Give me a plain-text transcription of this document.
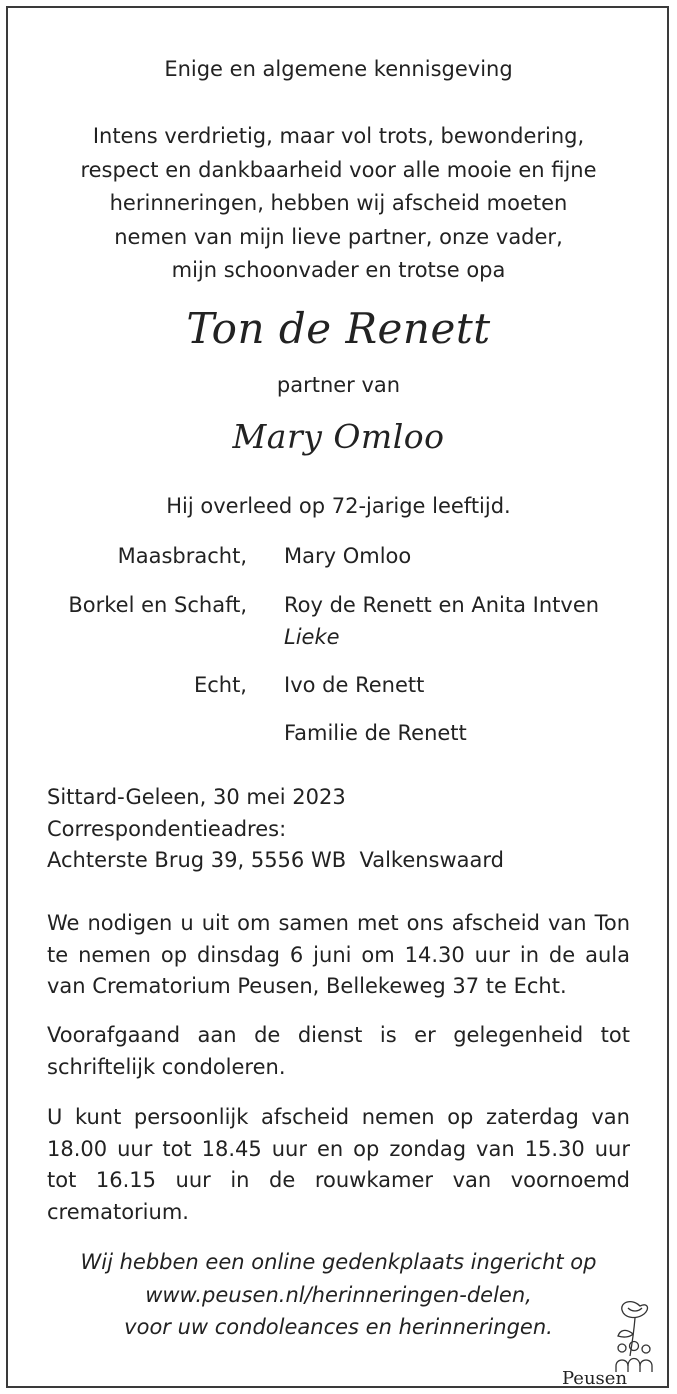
Enige en algemene kennisgeving
Intens verdrietig, maar vol trots, bewondering,
respect en dankbaarheid voor alle mooie en fijne
herinneringen, hebben wij afscheid moeten
nemen van mijn lieve partner, onze vader,
mijn schoonvader en trotse opa
Ton de Renett
partner van
Mary Omloo
Hij overleed op 72-jarige leeftijd.
Maasbracht, Mary Omloo
Borkel en Schaft, Roy de Renett en Anita Intven
Lieke
Echt, Ivo de Renett
Familie de Renett
Sittard-Geleen, 30 mei 2023
Correspondentieadres:
Achterste Brug 39, 5556 WB  Valkenswaard
We nodigen u uit om samen met ons afscheid van Ton te nemen op dinsdag 6 juni om 14.30 uur in de aula van Crematorium Peusen, Bellekeweg 37 te Echt.
Voorafgaand aan de dienst is er gelegenheid tot schriftelijk condoleren.
U kunt persoonlijk afscheid nemen op zaterdag van 18.00 uur tot 18.45 uur en op zondag van 15.30 uur tot 16.15 uur in de rouwkamer van voornoemd crematorium.
Wij hebben een online gedenkplaats ingericht op
www.peusen.nl/herinneringen-delen,
voor uw condoleances en herinneringen.
Peusen
